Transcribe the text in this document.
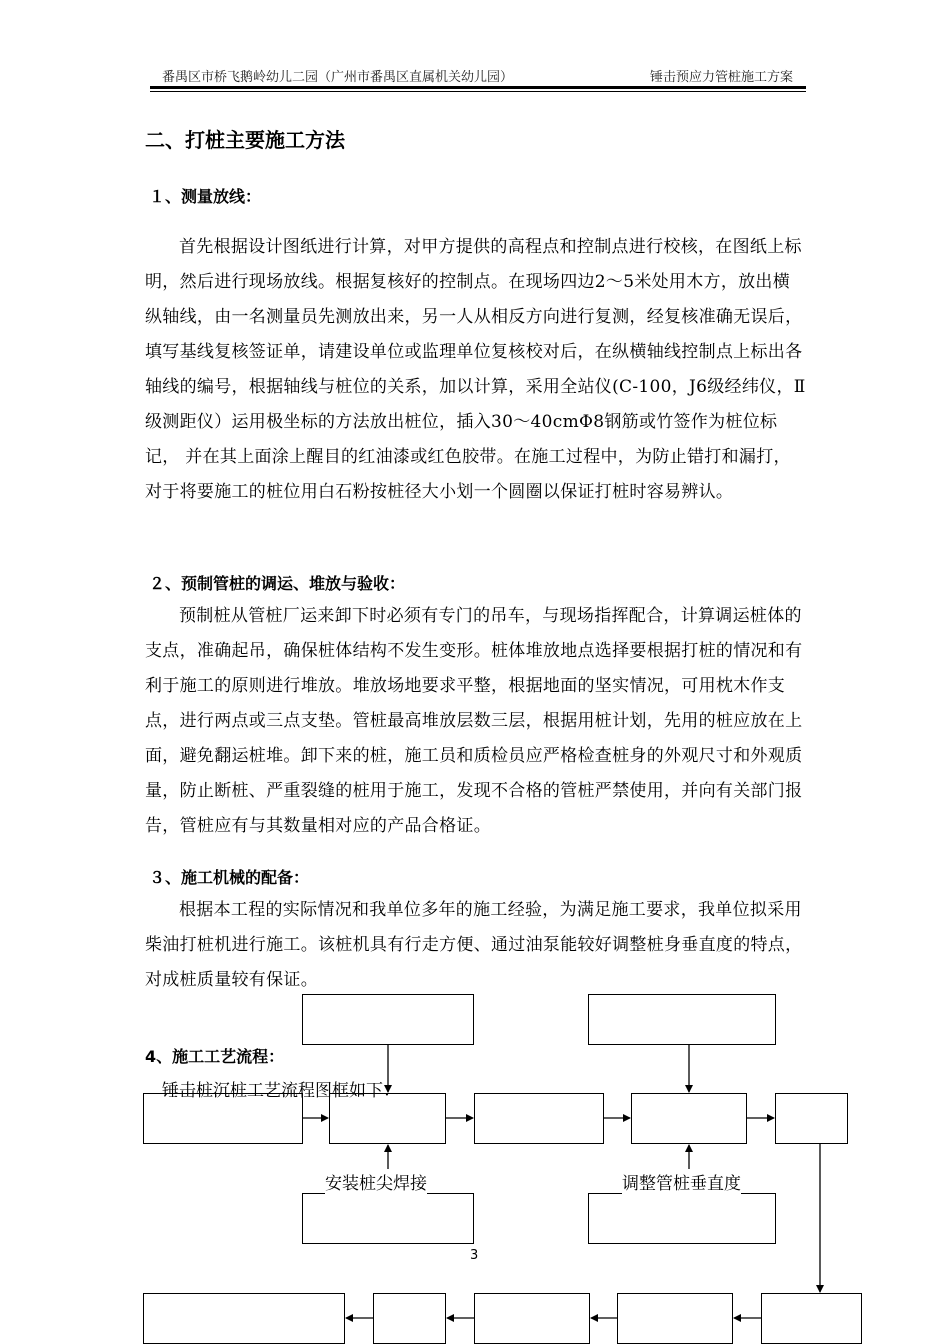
番禺区市桥飞鹅岭幼儿二园（广州市番禺区直属机关幼儿园）	锤击预应力管桩施工方案
二、打桩主要施工方法
１、测量放线：

首先根据设计图纸进行计算，对甲方提供的高程点和控制点进行校核，在图纸上标明，然后进行现场放线。根据复核好的控制点。在现场四边2～5米处用木方，放出横纵轴线，由一名测量员先测放出来，另一人从相反方向进行复测，经复核准确无误后，填写基线复核签证单，请建设单位或监理单位复核校对后，在纵横轴线控制点上标出各轴线的编号，根据轴线与桩位的关系，加以计算，采用全站仪(C-100，J6级经纬仪，Ⅱ级测距仪）运用极坐标的方法放出桩位，插入30～40cmΦ8钢筋或竹签作为桩位标记， 并在其上面涂上醒目的红油漆或红色胶带。在施工过程中，为防止错打和漏打，对于将要施工的桩位用白石粉按桩径大小划一个圆圈以保证打桩时容易辨认。

２、预制管桩的调运、堆放与验收：

预制桩从管桩厂运来卸下时必须有专门的吊车，与现场指挥配合，计算调运桩体的支点，准确起吊，确保桩体结构不发生变形。桩体堆放地点选择要根据打桩的情况和有利于施工的原则进行堆放。堆放场地要求平整，根据地面的坚实情况，可用枕木作支点，进行两点或三点支垫。管桩最高堆放层数三层，根据用桩计划，先用的桩应放在上面，避免翻运桩堆。卸下来的桩，施工员和质检员应严格检查桩身的外观尺寸和外观质量，防止断桩、严重裂缝的桩用于施工，发现不合格的管桩严禁使用，并向有关部门报告，管桩应有与其数量相对应的产品合格证。

３、施工机械的配备：

根据本工程的实际情况和我单位多年的施工经验，为满足施工要求，我单位拟采用柴油打桩机进行施工。该桩机具有行走方便、通过油泵能较好调整桩身垂直度的特点，对成桩质量较有保证。

4、施工工艺流程：
锤击桩沉桩工艺流程图框如下：
安装桩尖焊接	调整管桩垂直度
3
